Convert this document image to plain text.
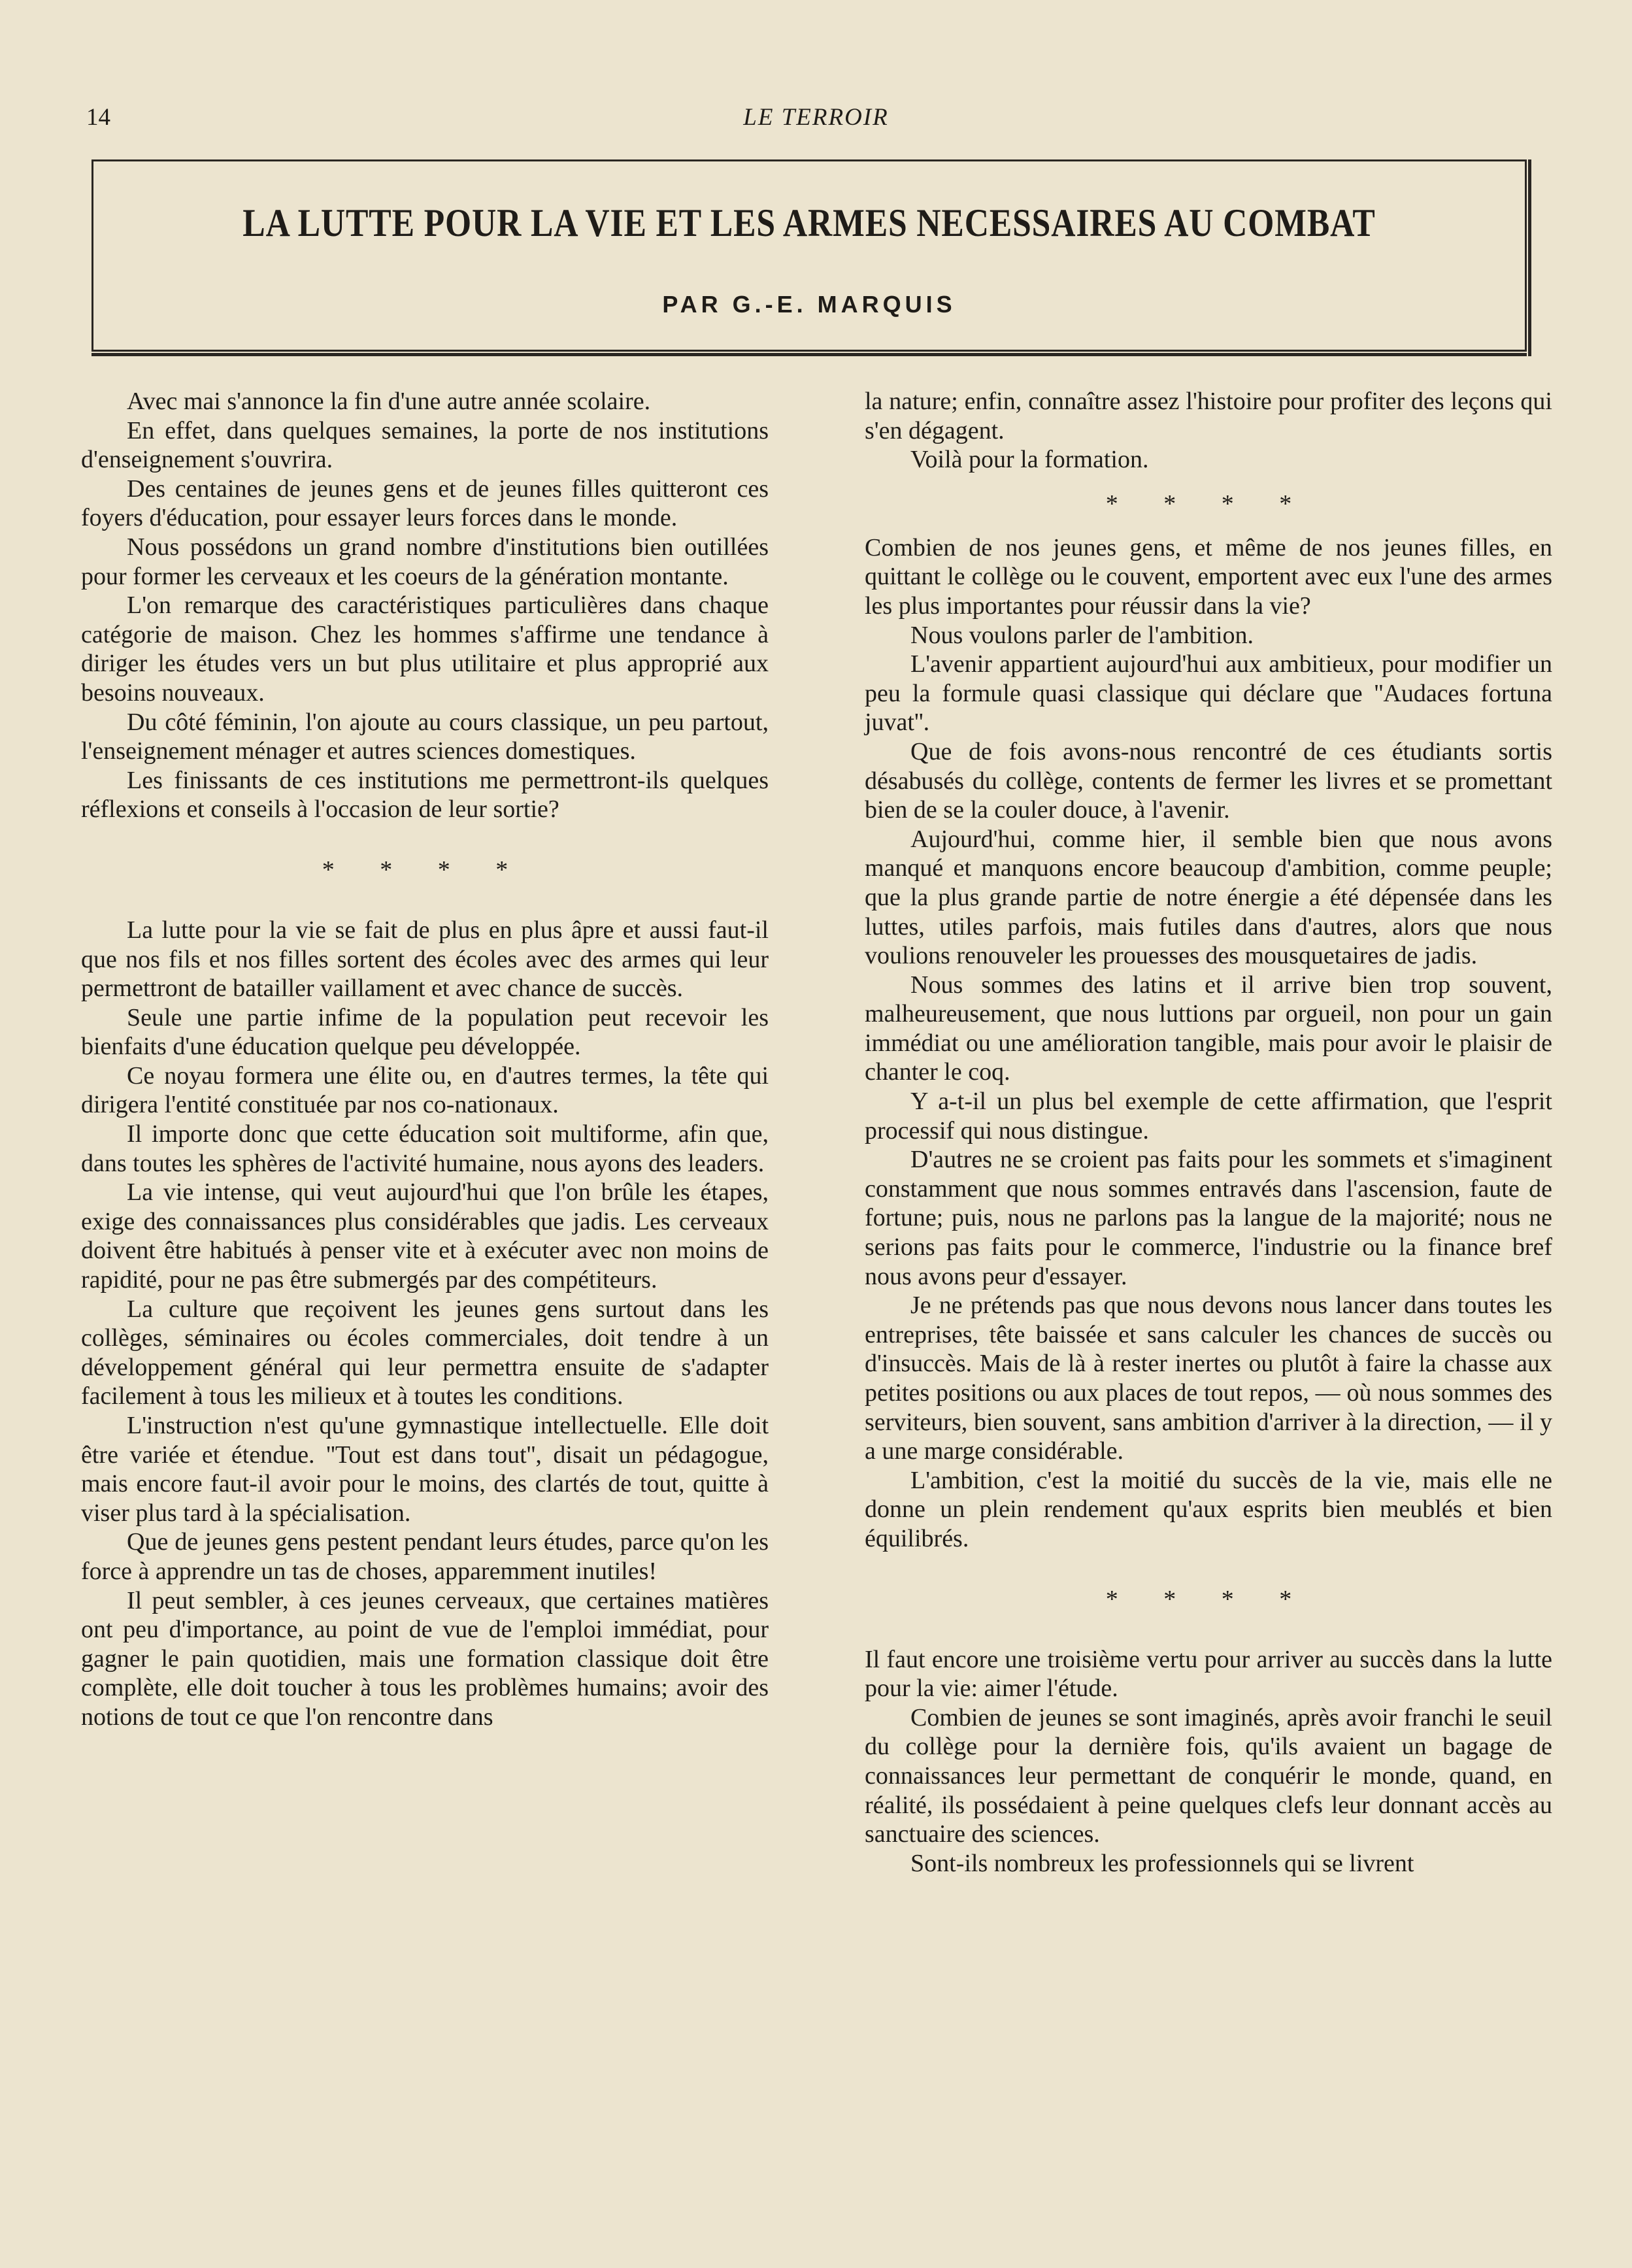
14	LE TERROIR
LA LUTTE POUR LA VIE ET LES ARMES NECESSAIRES AU COMBAT
PAR G.-E. MARQUIS

Avec mai s'annonce la fin d'une autre année scolaire.

En effet, dans quelques semaines, la porte de nos institutions d'enseignement s'ouvrira.

Des centaines de jeunes gens et de jeunes filles quitteront ces foyers d'éducation, pour essayer leurs forces dans le monde.

Nous possédons un grand nombre d'institutions bien outillées pour former les cerveaux et les coeurs de la génération montante.

L'on remarque des caractéristiques particulières dans chaque catégorie de maison. Chez les hommes s'affirme une tendance à diriger les études vers un but plus utilitaire et plus approprié aux besoins nouveaux.

Du côté féminin, l'on ajoute au cours classique, un peu partout, l'enseignement ménager et autres sciences domestiques.

Les finissants de ces institutions me permettront-ils quelques réflexions et conseils à l'occasion de leur sortie?

* * * *

La lutte pour la vie se fait de plus en plus âpre et aussi faut-il que nos fils et nos filles sortent des écoles avec des armes qui leur permettront de batailler vaillament et avec chance de succès.

Seule une partie infime de la population peut recevoir les bienfaits d'une éducation quelque peu développée.

Ce noyau formera une élite ou, en d'autres termes, la tête qui dirigera l'entité constituée par nos co-nationaux.

Il importe donc que cette éducation soit multiforme, afin que, dans toutes les sphères de l'activité humaine, nous ayons des leaders.

La vie intense, qui veut aujourd'hui que l'on brûle les étapes, exige des connaissances plus considérables que jadis. Les cerveaux doivent être habitués à penser vite et à exécuter avec non moins de rapidité, pour ne pas être submergés par des compétiteurs.

La culture que reçoivent les jeunes gens surtout dans les collèges, séminaires ou écoles commerciales, doit tendre à un développement général qui leur permettra ensuite de s'adapter facilement à tous les milieux et à toutes les conditions.

L'instruction n'est qu'une gymnastique intellectuelle. Elle doit être variée et étendue. ''Tout est dans tout'', disait un pédagogue, mais encore faut-il avoir pour le moins, des clartés de tout, quitte à viser plus tard à la spécialisation.

Que de jeunes gens pestent pendant leurs études, parce qu'on les force à apprendre un tas de choses, apparemment inutiles!

Il peut sembler, à ces jeunes cerveaux, que certaines matières ont peu d'importance, au point de vue de l'emploi immédiat, pour gagner le pain quotidien, mais une formation classique doit être complète, elle doit toucher à tous les problèmes humains; avoir des notions de tout ce que l'on rencontre dans

la nature; enfin, connaître assez l'histoire pour profiter des leçons qui s'en dégagent.

Voilà pour la formation.

* * * *

Combien de nos jeunes gens, et même de nos jeunes filles, en quittant le collège ou le couvent, emportent avec eux l'une des armes les plus importantes pour réussir dans la vie?

Nous voulons parler de l'ambition.

L'avenir appartient aujourd'hui aux ambitieux, pour modifier un peu la formule quasi classique qui déclare que ''Audaces fortuna juvat''.

Que de fois avons-nous rencontré de ces étudiants sortis désabusés du collège, contents de fermer les livres et se promettant bien de se la couler douce, à l'avenir.

Aujourd'hui, comme hier, il semble bien que nous avons manqué et manquons encore beaucoup d'ambition, comme peuple; que la plus grande partie de notre énergie a été dépensée dans les luttes, utiles parfois, mais futiles dans d'autres, alors que nous voulions renouveler les prouesses des mousquetaires de jadis.

Nous sommes des latins et il arrive bien trop souvent, malheureusement, que nous luttions par orgueil, non pour un gain immédiat ou une amélioration tangible, mais pour avoir le plaisir de chanter le coq.

Y a-t-il un plus bel exemple de cette affirmation, que l'esprit processif qui nous distingue.

D'autres ne se croient pas faits pour les sommets et s'imaginent constamment que nous sommes entravés dans l'ascension, faute de fortune; puis, nous ne parlons pas la langue de la majorité; nous ne serions pas faits pour le commerce, l'industrie ou la finance bref nous avons peur d'essayer.

Je ne prétends pas que nous devons nous lancer dans toutes les entreprises, tête baissée et sans calculer les chances de succès ou d'insuccès. Mais de là à rester inertes ou plutôt à faire la chasse aux petites positions ou aux places de tout repos, — où nous sommes des serviteurs, bien souvent, sans ambition d'arriver à la direction, — il y a une marge considérable.

L'ambition, c'est la moitié du succès de la vie, mais elle ne donne un plein rendement qu'aux esprits bien meublés et bien équilibrés.

* * * *

Il faut encore une troisième vertu pour arriver au succès dans la lutte pour la vie: aimer l'étude.

Combien de jeunes se sont imaginés, après avoir franchi le seuil du collège pour la dernière fois, qu'ils avaient un bagage de connaissances leur permettant de conquérir le monde, quand, en réalité, ils possédaient à peine quelques clefs leur donnant accès au sanctuaire des sciences.

Sont-ils nombreux les professionnels qui se livrent
